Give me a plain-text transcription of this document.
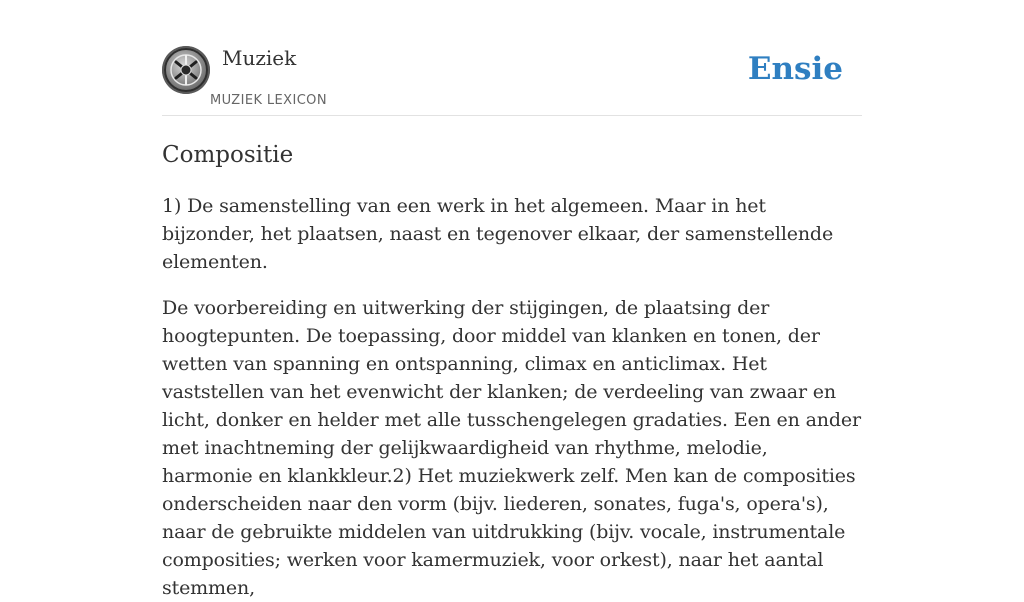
Muziek
MUZIEK LEXICON
Ensie
Compositie

1) De samenstelling van een werk in het algemeen. Maar in het bijzonder, het plaatsen, naast en tegenover elkaar, der samenstellende elementen.

De voorbereiding en uitwerking der stijgingen, de plaatsing der hoogtepunten. De toepassing, door middel van klanken en tonen, der wetten van spanning en ontspanning, climax en anticlimax. Het vaststellen van het evenwicht der klanken; de verdeeling van zwaar en licht, donker en helder met alle tusschengelegen gradaties. Een en ander met inachtneming der gelijkwaardigheid van rhythme, melodie, harmonie en klankkleur.2) Het muziekwerk zelf. Men kan de composities onderscheiden naar den vorm (bijv. liederen, sonates, fuga's, opera's), naar de gebruikte middelen van uitdrukking (bijv. vocale, instrumentale composities; werken voor kamermuziek, voor orkest), naar het aantal stemmen,
